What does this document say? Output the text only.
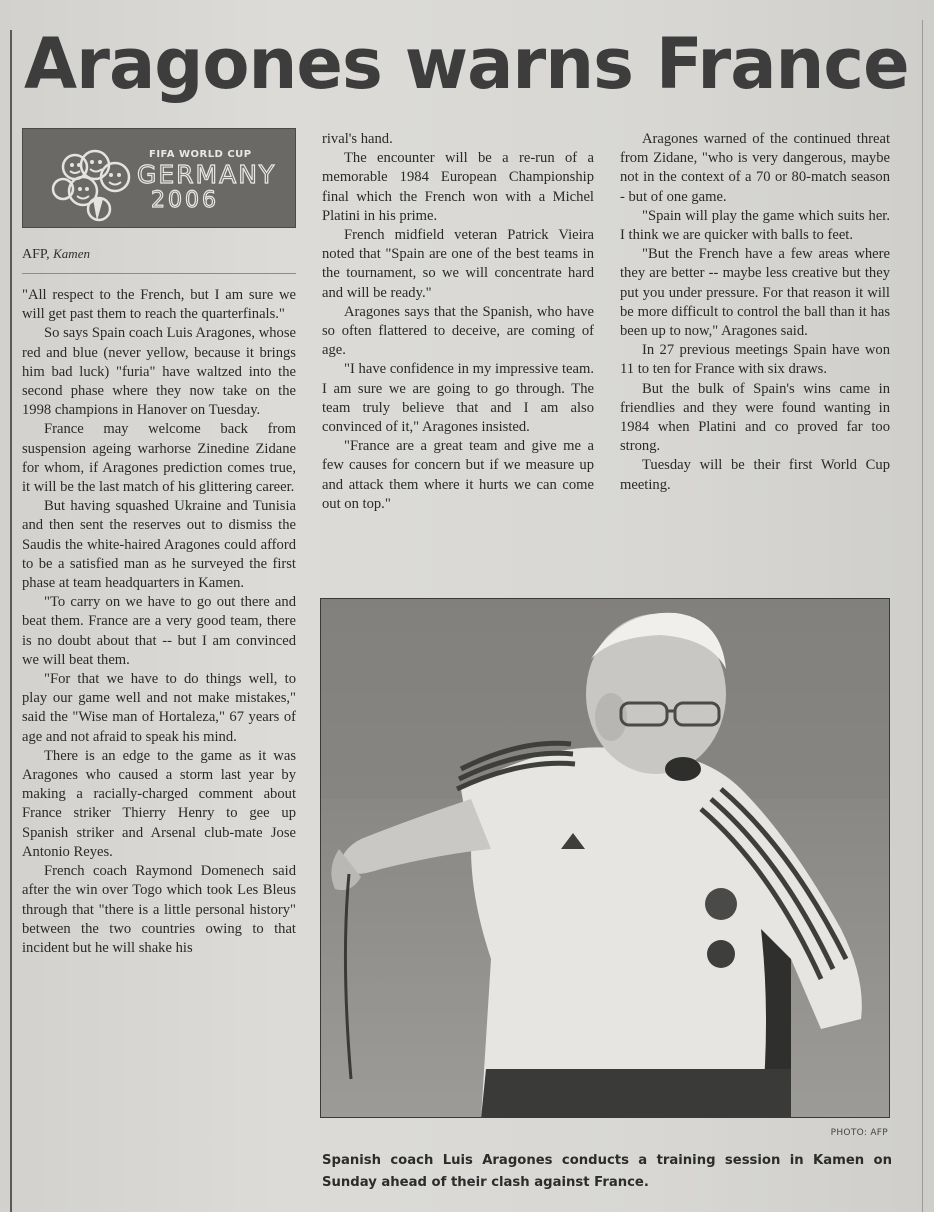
Aragones warns France
FIFA WORLD CUP
GERMANY
2006
AFP, Kamen

"All respect to the French, but I am sure we will get past them to reach the quarterfinals."

So says Spain coach Luis Aragones, whose red and blue (never yellow, because it brings him bad luck) "furia" have waltzed into the second phase where they now take on the 1998 champions in Hanover on Tuesday.

France may welcome back from suspension ageing warhorse Zinedine Zidane for whom, if Aragones prediction comes true, it will be the last match of his glittering career.

But having squashed Ukraine and Tunisia and then sent the reserves out to dismiss the Saudis the white-haired Aragones could afford to be a satisfied man as he surveyed the first phase at team headquarters in Kamen.

"To carry on we have to go out there and beat them. France are a very good team, there is no doubt about that -- but I am convinced we will beat them.

"For that we have to do things well, to play our game well and not make mistakes," said the "Wise man of Hortaleza," 67 years of age and not afraid to speak his mind.

There is an edge to the game as it was Aragones who caused a storm last year by making a racially-charged comment about France striker Thierry Henry to gee up Spanish striker and Arsenal club-mate Jose Antonio Reyes.

French coach Raymond Domenech said after the win over Togo which took Les Bleus through that "there is a little personal history" between the two countries owing to that incident but he will shake his

rival's hand.

The encounter will be a re-run of a memorable 1984 European Championship final which the French won with a Michel Platini in his prime.

French midfield veteran Patrick Vieira noted that "Spain are one of the best teams in the tournament, so we will concentrate hard and will be ready."

Aragones says that the Spanish, who have so often flattered to deceive, are coming of age.

"I have confidence in my impressive team. I am sure we are going to go through. The team truly believe that and I am also convinced of it," Aragones insisted.

"France are a great team and give me a few causes for concern but if we measure up and attack them where it hurts we can come out on top."

Aragones warned of the continued threat from Zidane, "who is very dangerous, maybe not in the context of a 70 or 80-match season - but of one game.

"Spain will play the game which suits her. I think we are quicker with balls to feet.

"But the French have a few areas where they are better -- maybe less creative but they put you under pressure. For that reason it will be more difficult to control the ball than it has been up to now," Aragones said.

In 27 previous meetings Spain have won 11 to ten for France with six draws.

But the bulk of Spain's wins came in friendlies and they were found wanting in 1984 when Platini and co proved far too strong.

Tuesday will be their first World Cup meeting.

PHOTO: AFP
Spanish coach Luis Aragones conducts a training session in Kamen on Sunday ahead of their clash against France.
